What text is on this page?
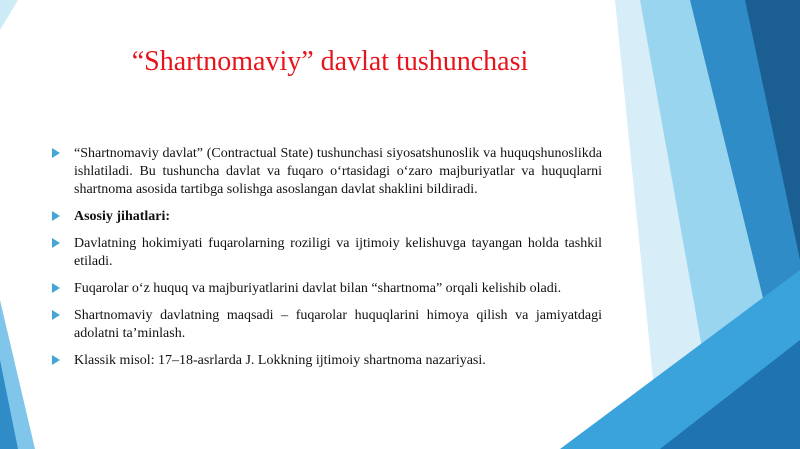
“Shartnomaviy” davlat tushunchasi
“Shartnomaviy davlat” (Contractual State) tushunchasi siyosatshunoslik va huquqshunoslikda ishlatiladi. Bu tushuncha davlat va fuqaro o‘rtasidagi o‘zaro majburiyatlar va huquqlarni shartnoma asosida tartibga solishga asoslangan davlat shaklini bildiradi.
Asosiy jihatlari:
Davlatning hokimiyati fuqarolarning roziligi va ijtimoiy kelishuvga tayangan holda tashkil etiladi.
Fuqarolar o‘z huquq va majburiyatlarini davlat bilan “shartnoma” orqali kelishib oladi.
Shartnomaviy davlatning maqsadi – fuqarolar huquqlarini himoya qilish va jamiyatdagi adolatni ta’minlash.
Klassik misol: 17–18-asrlarda J. Lokkning ijtimoiy shartnoma nazariyasi.
